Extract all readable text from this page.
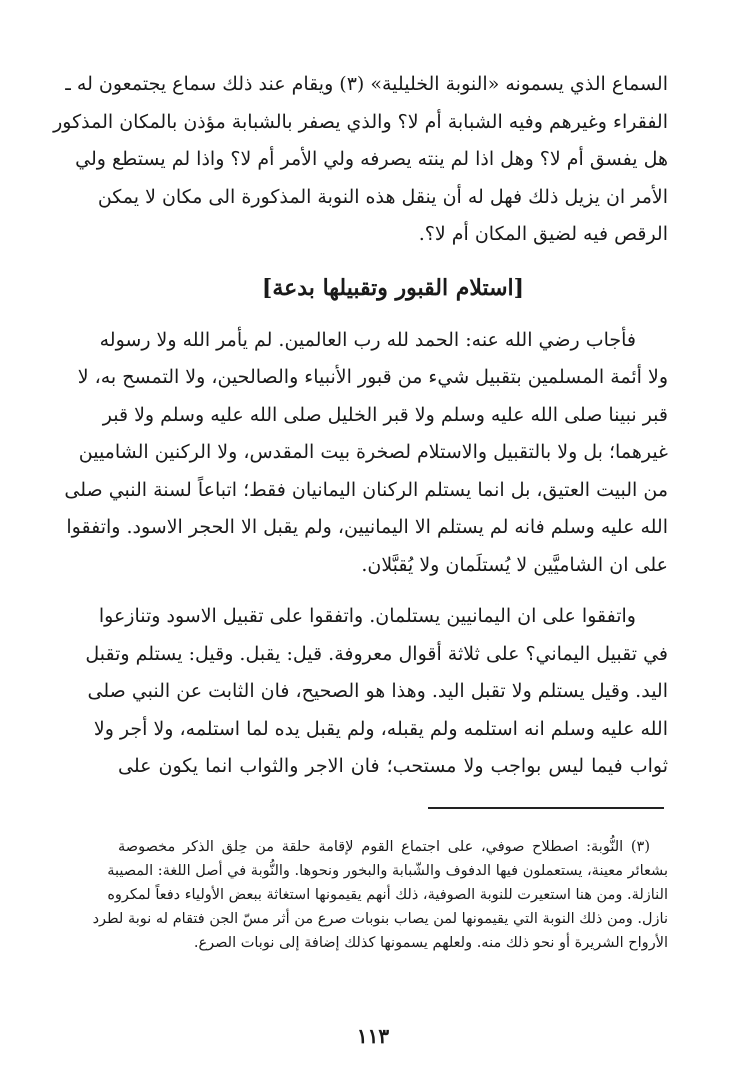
السماع الذي يسمونه «النوبة الخليلية» (٣) ويقام عند ذلك سماع يجتمعون له ـ
الفقراء وغيرهم وفيه الشبابة أم لا؟ والذي يصفر بالشبابة مؤذن بالمكان المذكور
هل يفسق أم لا؟ وهل اذا لم ينته يصرفه ولي الأمر أم لا؟ واذا لم يستطع ولي
الأمر ان يزيل ذلك فهل له أن ينقل هذه النوبة المذكورة الى مكان لا يمكن
الرقص فيه لضيق المكان أم لا؟.
[استلام القبور وتقبيلها بدعة]
فأجاب رضي الله عنه: الحمد لله رب العالمين. لم يأمر الله ولا رسوله
ولا أئمة المسلمين بتقبيل شيء من قبور الأنبياء والصالحين، ولا التمسح به، لا
قبر نبينا صلى الله عليه وسلم ولا قبر الخليل صلى الله عليه وسلم ولا قبر
غيرهما؛ بل ولا بالتقبيل والاستلام لصخرة بيت المقدس، ولا الركنين الشاميين
من البيت العتيق، بل انما يستلم الركنان اليمانيان فقط؛ اتباعاً لسنة النبي صلى
الله عليه وسلم فانه لم يستلم الا اليمانيين، ولم يقبل الا الحجر الاسود. واتفقوا
على ان الشاميَّين لا يُستلَمان ولا يُقبَّلان.
واتفقوا على ان اليمانيين يستلمان. واتفقوا على تقبيل الاسود وتنازعوا
في تقبيل اليماني؟ على ثلاثة أقوال معروفة. قيل: يقبل. وقيل: يستلم وتقبل
اليد. وقيل يستلم ولا تقبل اليد. وهذا هو الصحيح، فان الثابت عن النبي صلى
الله عليه وسلم انه استلمه ولم يقبله، ولم يقبل يده لما استلمه، ولا أجر ولا
ثواب فيما ليس بواجب ولا مستحب؛ فان الاجر والثواب انما يكون على
(٣) النُّوبة: اصطلاح صوفي، على اجتماع القوم لإقامة حلقة من حِلق الذكر مخصوصة
بشعائر معينة، يستعملون فيها الدفوف والشّبابة والبخور ونحوها. والنُّوبة في أصل اللغة: المصيبة
النازلة. ومن هنا استعيرت للنوبة الصوفية، ذلك أنهم يقيمونها استغاثة ببعض الأولياء دفعاً لمكروه
نازل. ومن ذلك النوبة التي يقيمونها لمن يصاب بنوبات صرع من أثر مسّ الجن فتقام له نوبة لطرد
الأرواح الشريرة أو نحو ذلك منه. ولعلهم يسمونها كذلك إضافة إلى نوبات الصرع.
١١٣
